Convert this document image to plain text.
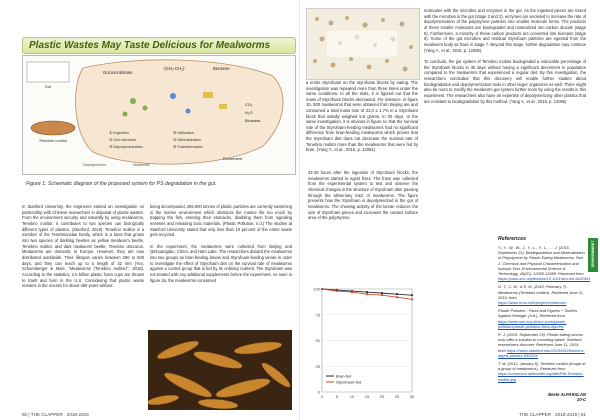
Plastic Wastes May Taste Delicious for Mealworms
Gut
Tenebrio molitor
Gut microbiome
-(CH₂-CH₂)-	Benzene
① Ingestion
② Gut microbes
③ Depolymerization
④ Utilization
⑤ Mineralization
⑥ Transformation
CO₂
H₂O
Biomass
Excrement
Depolymerizer	Metabolite
Figure 1: Schematic diagram of the proposed system for PS degradation in the gut.

In Stanford University, the engineers started an investigation on partnership with Chinese researchers in disposal of plastic wastes. From the environment security and naturally by using mealworms, Tenebrio molitor, it contributes to two species can biologically different types of plastics. (Stanford, 2019). Tenebrio molitor is a member of the Tenebrionidae family, which is a larva that grows into two species of darkling beetles as yellow mealworm beetle, Tenebrio molitor, and dark mealworm beetle, Tenebrio obscurus. Mealworms are domestic to Europe. However, they are now distributed worldwide. Their lifespan varies between 280 to 630 days, and they can reach up to a length of 32 mm (Yoo, Schoenberger & Mele, "Mealworms (Tenebrio molitor)", 2018). According to the statistics, 2.5 billion plastic foam cups are thrown to trash and burn in the U.S. Considering that plastic waste remains in the oceans for about 450 years without

being decomposed, 269,000 tonnes of plastic particles are currently swimming in the marine environment which obstructs the marine life too much by trapping the fish, entering their stomachs, disabling them from signaling enemies and releasing toxic materials. (Plastic Pollution, n.d.) The studies at Stanford University stated that only less than 10 percent of the entire waste gets recycled.

In the experiment, the mealworms were collected from Beijing and Qinhuangdao, China, and Ham Lake. The researchers divided the mealworms into two groups as bran-feeding larvae and Styrofoam-feeding larvae in order to investigate the effect of Styrofoam diet on the survival rate of mealworms against a control group that is fed by its ordinary nutrient. The Styrofoam was not treated with any additional supplements before the experiment. As seen in figure 2a, the mealworms consumed

60 | THE CLAPPER · 2018-2019
a entire Styrofoam on the styrofoam blocks by eating. The investigation was repeated more than three times under the same conditions. In all the trials, it is figured out that the mass of Styrofoam blocks decreased. For instance, in figure 1b, 500 mealworms that were obtained from Beijing ate and consumed a total mass loss of 31.0 ± 1.7% in a Styrofoam block that initially weighed 5.8 grams, in 30 days. In the same investigation, it is obvious in figure 1c that the survival rate of the Styrofoam-feeding mealworms had no significant difference from bran-feeding mealworms which proves that the Styrofoam diet does not decrease the survival rate of Tenebrio molitor more than the mealworms that were fed by bran. (Yang Y., et al., 2015, p. 12081)

32-38 hours after the ingestion of Styrofoam blocks, the mealworms started to egest frass. The frass was collected from the experimental system to test and observe the chemical changes in the structure of Styrofoam after passing through the alimentary tract of mealworms. The figure presents how the Styrofoam is depolymerized in the gut of mealworms. The chewing activity of the larvae reduces the size of Styrofoam pieces and increases the contact surface area of the polystyrene

0
25
50
75
100
0	5	10	15	20	25	30
Bran-fed
Styrofoam-fed

molecules with the microbes and enzymes in the gut. As the ingested pieces are mixed with the microbes in the gut (stage 2 and 3), enzymes are secreted to increase the rate of depolymerization of the polystyrene particles into smaller molecule forms. The products of these smaller molecules are biodegraded and mineralized into carbon dioxide (stage 5). Furthermore, a minority of these carbon products are converted into biomass (stage 6). Some of the gut microbes and residual Styrofoam particles are egested from the mealworm body as frass in stage 7. Beyond this stage, further degradation may continue (Yang Y., et al., 2015, p. 12085).

To conclude, the gut system of Tenebrio molitor biodegraded a noticeable percentage of the Styrofoam blocks in 30 days without having a significant decrement in population compared to the mealworms that experienced a regular diet. By this investigation, the researchers concluded that this discovery will enable further studies about biodegradation and depolymerization tools in other larger organisms as well. There might also be room to modify the mealworm gut system further more by using the results in this experiment. The researchers also have an expertise of depolymerizing other plastics that are resistant to biodegradation by this method. (Yang Y., et al., 2015, p. 12086)

References
Y., Y., W., W., J., Y., L., Y., L., .... J. (2015, September 21). Biodegradation and Mineralization of Polystyrene by Plastic-Eating Mealworms: Part 1. Chemical and Physical Characterization and Isotopic Test. Environmental Science & Technology, 49(20), 12080-12086. Retrieved from https://pubs.acs.org/doi/abs/10.1021/acs.est.5b02661
G. T., C. M., & K. M. (2018, February 7). Mealworms (Tenebrio molitor). Retrieved June 11, 2019, from https://www.ncsu.edu/project/mealworm
Plastic Pollution - Facts and Figures + Surfers Against Sewage. (n.d.). Retrieved from https://www.sas.org.uk/our-work/plastic-pollution/plastic-pollution-facts-figures/
R. J. (2015, September 29). Plastic-eating worms may offer a solution to mounting waste, Stanford researchers discover. Retrieved June 11, 2019, from https://news.stanford.edu/2015/09/29/worms-digest-plastics-092915/
T. M. (2012, January 6). Tenebrio molitor (image of a group of mealworms). Retrieved from https://commons.wikimedia.org/wiki/File:Tenebrio-molitor.jpg
Beste ALPARSLAN
10-C
ENVIRONMENT
THE CLAPPER · 2018-2019 | 61
